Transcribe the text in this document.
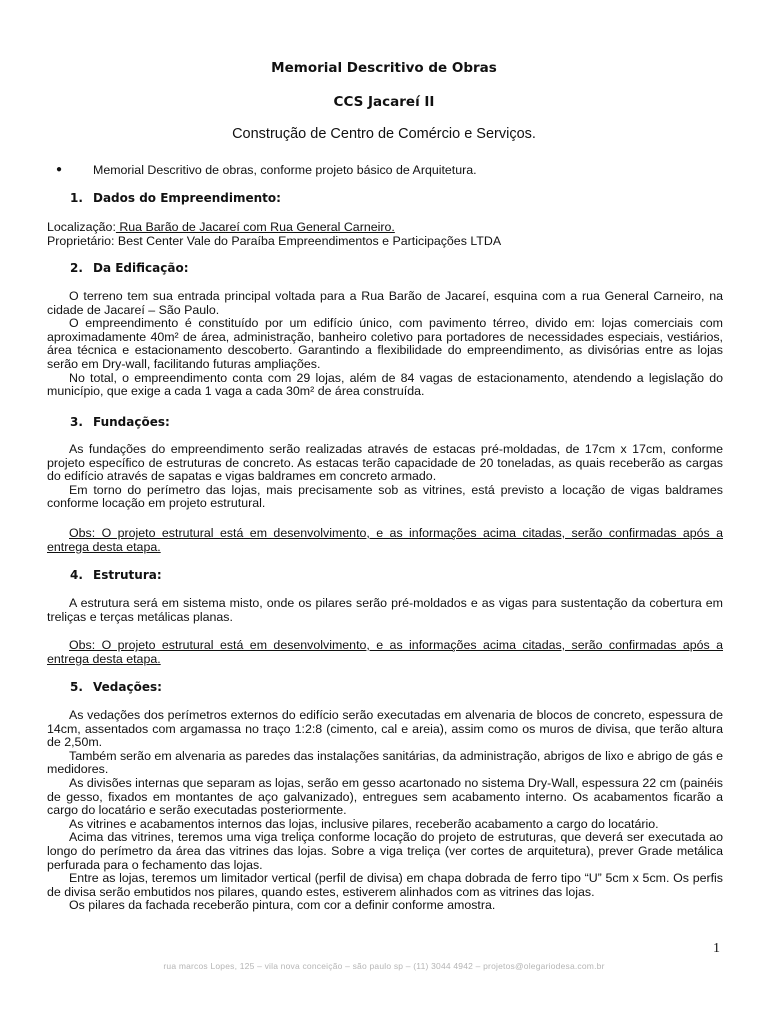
Memorial Descritivo de Obras
CCS Jacareí II
Construção de Centro de Comércio e Serviços.
● Memorial Descritivo de obras, conforme projeto básico de Arquitetura.
1. Dados do Empreendimento:
Localização: Rua Barão de Jacareí com Rua General Carneiro.
Proprietário: Best Center Vale do Paraíba Empreendimentos e Participações LTDA
2. Da Edificação:

O terreno tem sua entrada principal voltada para a Rua Barão de Jacareí, esquina com a rua General Carneiro, na cidade de Jacareí – São Paulo.

O empreendimento é constituído por um edifício único, com pavimento térreo, divido em: lojas comerciais com aproximadamente 40m² de área, administração, banheiro coletivo para portadores de necessidades especiais, vestiários, área técnica e estacionamento descoberto. Garantindo a flexibilidade do empreendimento, as divisórias entre as lojas serão em Dry-wall, facilitando futuras ampliações.

No total, o empreendimento conta com 29 lojas, além de 84 vagas de estacionamento, atendendo a legislação do município, que exige a cada 1 vaga a cada 30m² de área construída.

3. Fundações:

As fundações do empreendimento serão realizadas através de estacas pré-moldadas, de 17cm x 17cm, conforme projeto específico de estruturas de concreto. As estacas terão capacidade de 20 toneladas, as quais receberão as cargas do edifício através de sapatas e vigas baldrames em concreto armado.

Em torno do perímetro das lojas, mais precisamente sob as vitrines, está previsto a locação de vigas baldrames conforme locação em projeto estrutural.

Obs: O projeto estrutural está em desenvolvimento, e as informações acima citadas, serão confirmadas após a entrega desta etapa.

4. Estrutura:

A estrutura será em sistema misto, onde os pilares serão pré-moldados e as vigas para sustentação da cobertura em treliças e terças metálicas planas.

Obs: O projeto estrutural está em desenvolvimento, e as informações acima citadas, serão confirmadas após a entrega desta etapa.

5. Vedações:

As vedações dos perímetros externos do edifício serão executadas em alvenaria de blocos de concreto, espessura de 14cm, assentados com argamassa no traço 1:2:8 (cimento, cal e areia), assim como os muros de divisa, que terão altura de 2,50m.

Também serão em alvenaria as paredes das instalações sanitárias, da administração, abrigos de lixo e abrigo de gás e medidores.

As divisões internas que separam as lojas, serão em gesso acartonado no sistema Dry-Wall, espessura 22 cm (painéis de gesso, fixados em montantes de aço galvanizado), entregues sem acabamento interno. Os acabamentos ficarão a cargo do locatário e serão executadas posteriormente.

As vitrines e acabamentos internos das lojas, inclusive pilares, receberão acabamento a cargo do locatário.

Acima das vitrines, teremos uma viga treliça conforme locação do projeto de estruturas, que deverá ser executada ao longo do perímetro da área das vitrines das lojas. Sobre a viga treliça (ver cortes de arquitetura), prever Grade metálica perfurada para o fechamento das lojas.

Entre as lojas, teremos um limitador vertical (perfil de divisa) em chapa dobrada de ferro tipo “U” 5cm x 5cm. Os perfis de divisa serão embutidos nos pilares, quando estes, estiverem alinhados com as vitrines das lojas.

Os pilares da fachada receberão pintura, com cor a definir conforme amostra.

1
rua marcos Lopes, 125 – vila nova conceição – são paulo sp – (11) 3044 4942 – projetos@olegariodesa.com.br
